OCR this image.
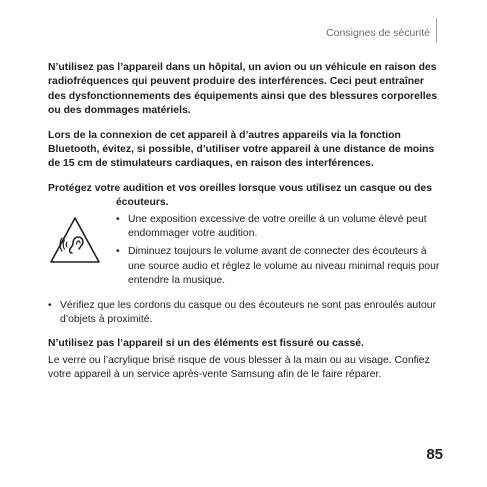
Consignes de sécurité

N’utilisez pas l’appareil dans un hôpital, un avion ou un véhicule en raison des radiofréquences qui peuvent produire des interférences. Ceci peut entraîner des dysfonctionnements des équipements ainsi que des blessures corporelles ou des dommages matériels.

Lors de la connexion de cet appareil à d’autres appareils via la fonction Bluetooth, évitez, si possible, d’utiliser votre appareil à une distance de moins de 15 cm de stimulateurs cardiaques, en raison des interférences.

Protégez votre audition et vos oreilles lorsque vous utilisez un casque ou des
écouteurs.

• Une exposition excessive de votre oreille à un volume élevé peut endommager votre audition.
• Diminuez toujours le volume avant de connecter des écouteurs à une source audio et réglez le volume au niveau minimal requis pour entendre la musique.
• Vérifiez que les cordons du casque ou des écouteurs ne sont pas enroulés autour d’objets à proximité.

N’utilisez pas l’appareil si un des éléments est fissuré ou cassé.

Le verre ou l’acrylique brisé risque de vous blesser à la main ou au visage. Confiez votre appareil à un service après-vente Samsung afin de le faire réparer.

85
